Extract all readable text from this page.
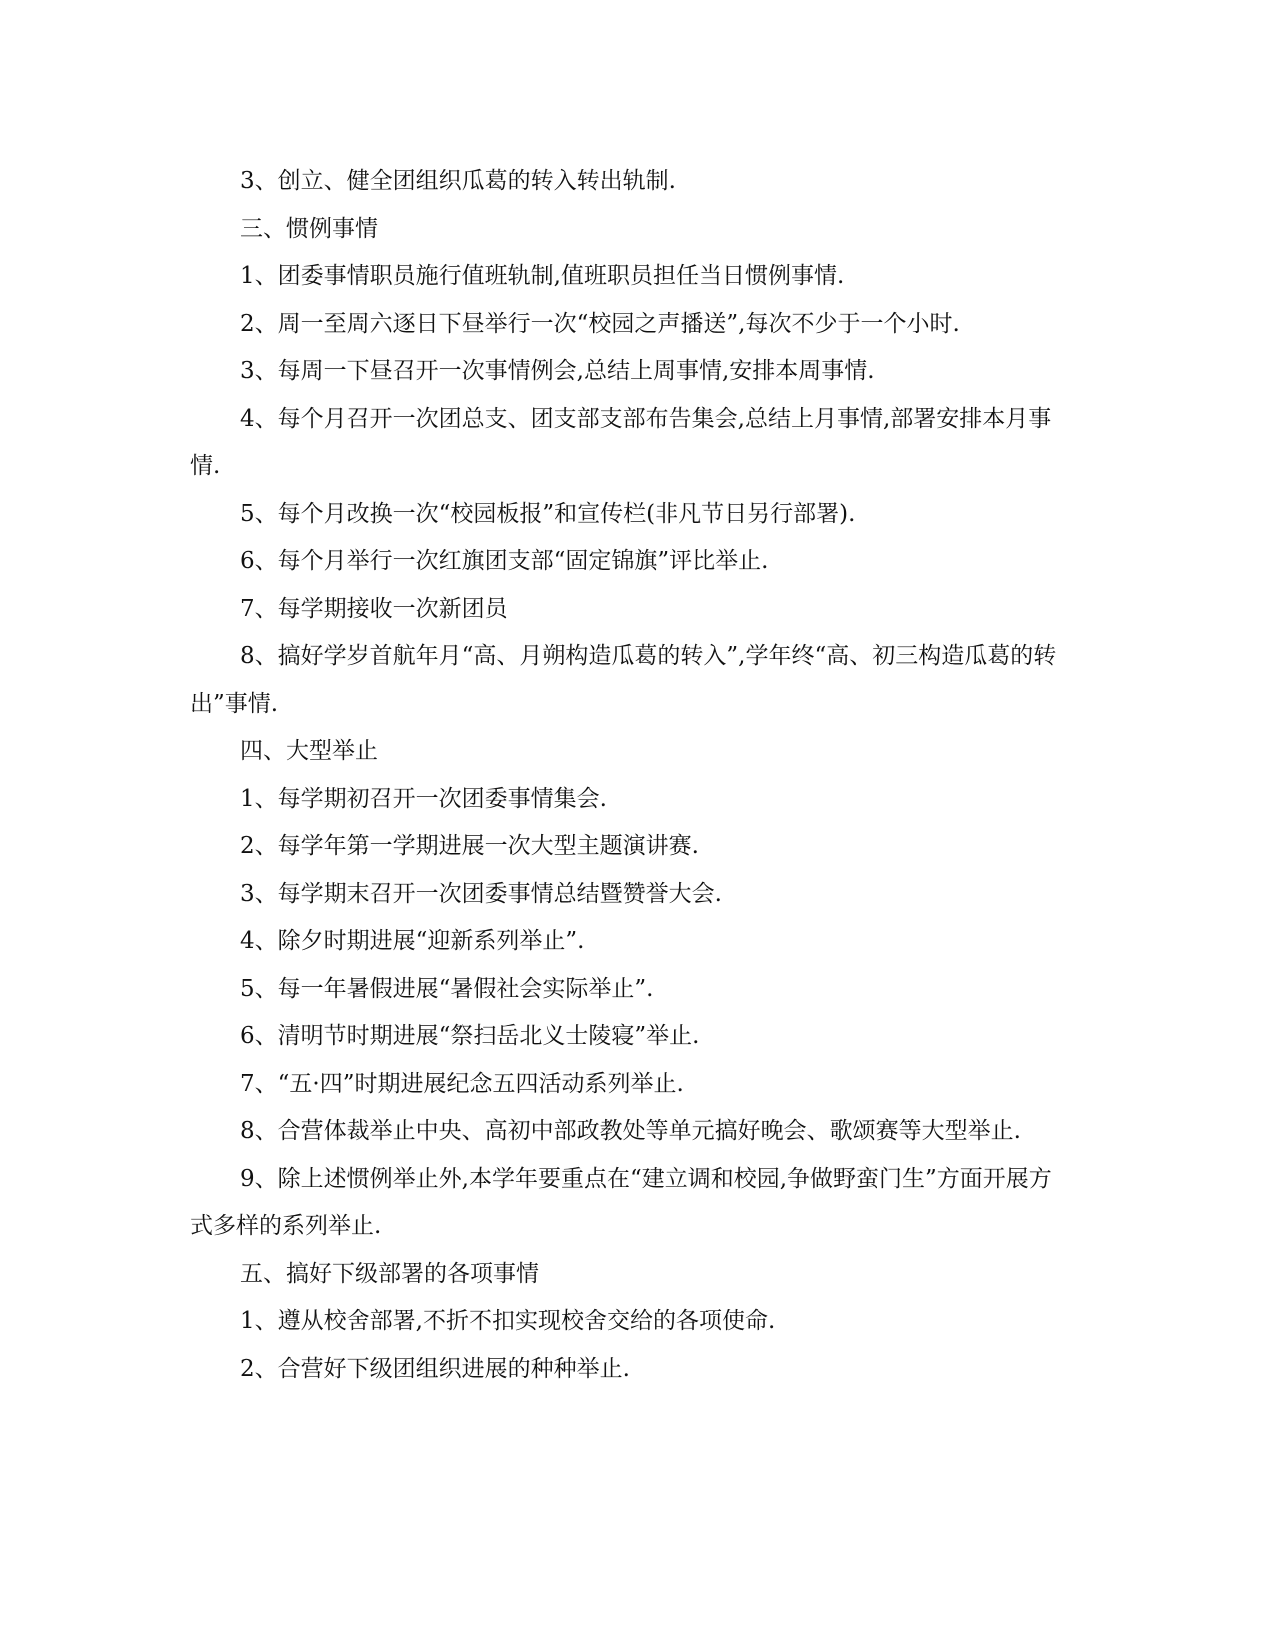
3、创立、健全团组织瓜葛的转入转出轨制.

三、惯例事情

1、团委事情职员施行值班轨制,值班职员担任当日惯例事情.

2、周一至周六逐日下昼举行一次“校园之声播送”,每次不少于一个小时.

3、每周一下昼召开一次事情例会,总结上周事情,安排本周事情.

4、每个月召开一次团总支、团支部支部布告集会,总结上月事情,部署安排本月事情.

5、每个月改换一次“校园板报”和宣传栏(非凡节日另行部署).

6、每个月举行一次红旗团支部“固定锦旗”评比举止.

7、每学期接收一次新团员

8、搞好学岁首航年月“高、月朔构造瓜葛的转入”,学年终“高、初三构造瓜葛的转出”事情.

四、大型举止

1、每学期初召开一次团委事情集会.

2、每学年第一学期进展一次大型主题演讲赛.

3、每学期末召开一次团委事情总结暨赞誉大会.

4、除夕时期进展“迎新系列举止”.

5、每一年暑假进展“暑假社会实际举止”.

6、清明节时期进展“祭扫岳北义士陵寝”举止.

7、“五·四”时期进展纪念五四活动系列举止.

8、合营体裁举止中央、高初中部政教处等单元搞好晚会、歌颂赛等大型举止.

9、除上述惯例举止外,本学年要重点在“建立调和校园,争做野蛮门生”方面开展方式多样的系列举止.

五、搞好下级部署的各项事情

1、遵从校舍部署,不折不扣实现校舍交给的各项使命.

2、合营好下级团组织进展的种种举止.
